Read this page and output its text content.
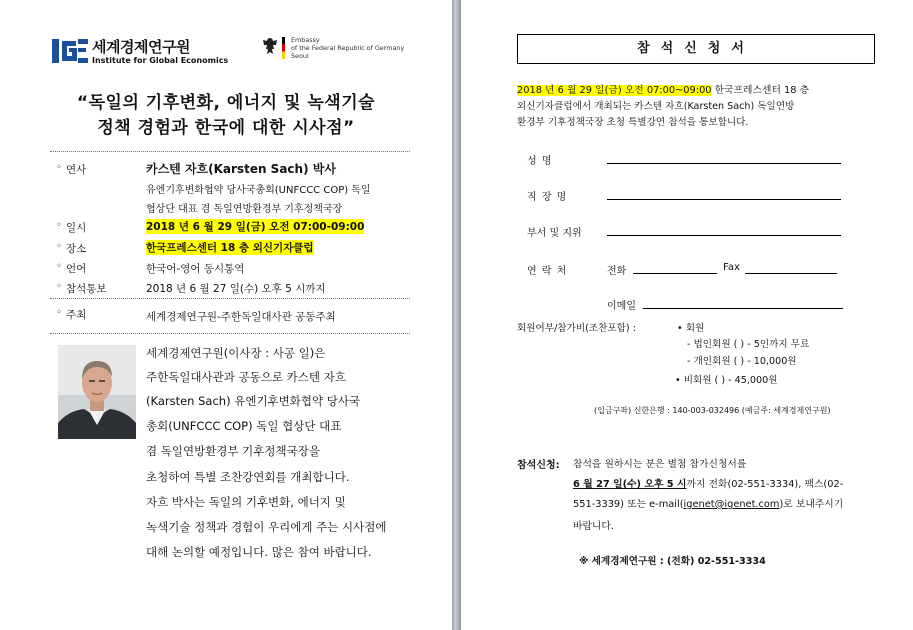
IGE
세계경제연구원
Institute for Global Economics
Embassy
of the Federal Republic of Germany
Seoul
“독일의 기후변화, 에너지 및 녹색기술
정책 경험과 한국에 대한 시사점”
◦ 연사	카스텐 자흐(Karsten Sach) 박사
유엔기후변화협약 당사국총회(UNFCCC COP) 독일
협상단 대표 겸 독일연방환경부 기후정책국장
◦ 일시	2018 년 6 월 29 일(금) 오전 07:00-09:00
◦ 장소	한국프레스센터 18 층 외신기자클럽
◦ 언어	한국어-영어 동시통역
◦ 참석통보	2018 년 6 월 27 일(수) 오후 5 시까지
◦ 주최	세계경제연구원-주한독일대사관 공동주최
세계경제연구원(이사장 : 사공 일)은
주한독일대사관과 공동으로 카스텐 자흐
(Karsten Sach) 유엔기후변화협약 당사국
총회(UNFCCC COP) 독일 협상단 대표
겸 독일연방환경부 기후정책국장을
초청하여 특별 조찬강연회를 개최합니다.
자흐 박사는 독일의 기후변화, 에너지 및
녹색기술 정책과 경험이 우리에게 주는 시사점에
대해 논의할 예정입니다. 많은 참여 바랍니다.
참석신청서
2018 년 6 월 29 일(금) 오전 07:00~09:00 한국프레스센터 18 층
외신기자클럽에서 개최되는 카스텐 자흐(Karsten Sach) 독일연방
환경부 기후정책국장 초청 특별강연 참석을 통보합니다.
성 명
직 장 명
부서 및 지위
연 락 처	전화	Fax
이메일
회원여부/참가비(조찬포함) :	• 회원
- 법인회원 ( ) - 5인까지 무료
- 개인회원 ( ) - 10,000원
• 비회원 ( ) - 45,000원
(입금구좌) 신한은행 : 140-003-032496 (예금주: 세계경제연구원)
참석신청: 참석을 원하시는 분은 별첨 참가신청서를
6 월 27 일(수) 오후 5 시까지 전화(02-551-3334), 팩스(02-
551-3339) 또는 e-mail(igenet@igenet.com)로 보내주시기
바랍니다.
※ 세계경제연구원 : (전화) 02-551-3334
